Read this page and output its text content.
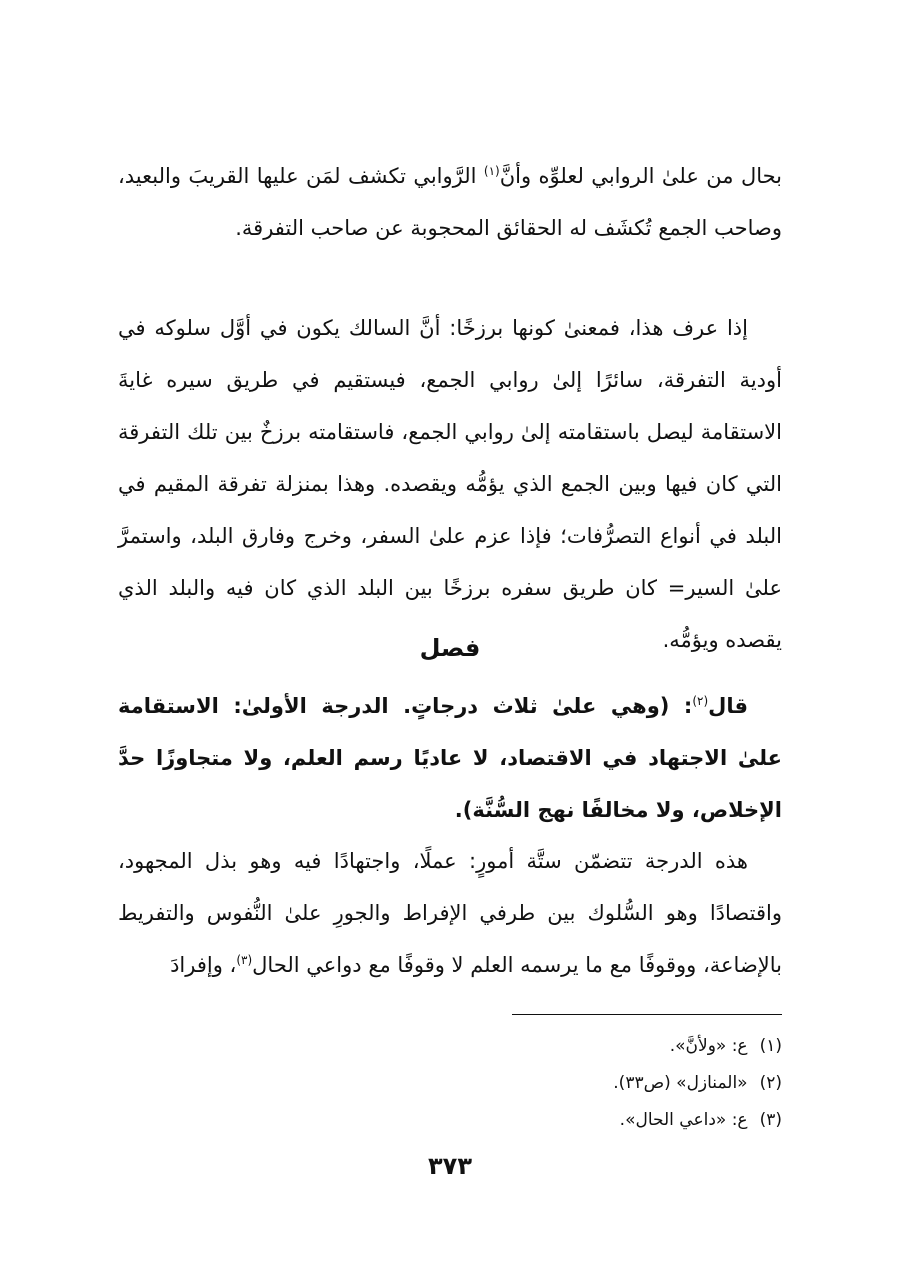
بحال من علىٰ الروابي لعلوِّه وأنَّ$^{(١)}$ الرَّوابي تكشف لمَن عليها القريبَ والبعيد، وصاحب الجمع تُكشَف له الحقائق المحجوبة عن صاحب التفرقة.

إذا عرف هذا، فمعنىٰ كونها برزخًا: أنَّ السالك يكون في أوَّل سلوكه في أودية التفرقة، سائرًا إلىٰ روابي الجمع، فيستقيم في طريق سيره غايةَ الاستقامة ليصل باستقامته إلىٰ روابي الجمع، فاستقامته برزخٌ بين تلك التفرقة التي كان فيها وبين الجمع الذي يؤمُّه ويقصده. وهذا بمنزلة تفرقة المقيم في البلد في أنواع التصرُّفات؛ فإذا عزم علىٰ السفر، وخرج وفارق البلد، واستمرَّ علىٰ السير= كان طريق سفره برزخًا بين البلد الذي كان فيه والبلد الذي يقصده ويؤمُّه.

فصل

قال$^{(٢)}$: (وهي علىٰ ثلاث درجاتٍ. الدرجة الأولىٰ: الاستقامة علىٰ الاجتهاد في الاقتصاد، لا عاديًا رسم العلم، ولا متجاوزًا حدَّ الإخلاص، ولا مخالفًا نهج السُّنَّة).

هذه الدرجة تتضمّن ستَّة أمورٍ: عملًا، واجتهادًا فيه وهو بذل المجهود، واقتصادًا وهو السُّلوك بين طرفي الإفراط والجورِ علىٰ النُّفوس والتفريط بالإضاعة، ووقوفًا مع ما يرسمه العلم لا وقوفًا مع دواعي الحال$^{(٣)}$، وإفرادَ

(١)ع: «ولأنَّ».
(٢)«المنازل» (ص٣٣).
(٣)ع: «داعي الحال».
٣٧٣
